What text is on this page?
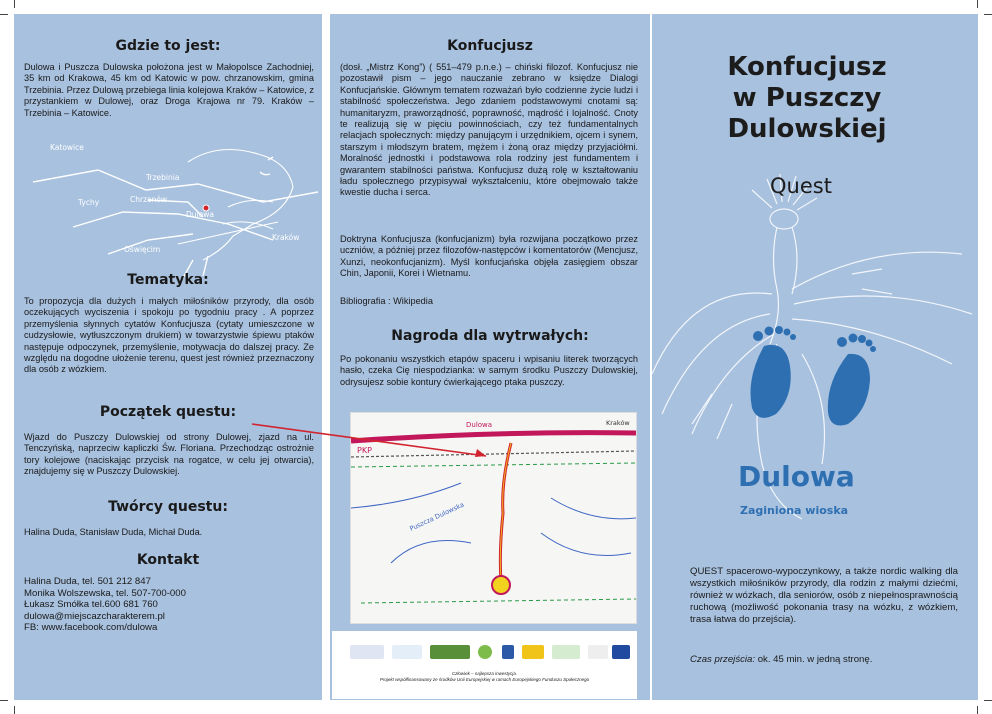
Gdzie to jest:
Dulowa i Puszcza Dulowska położona jest w Małopolsce Zachodniej, 35 km od Krakowa, 45 km od Katowic w pow. chrzanowskim, gmina Trzebinia. Przez Dulową przebiega linia kolejowa Kraków – Katowice, z przystankiem w Dulowej, oraz Droga Krajowa nr 79. Kraków – Trzebinia – Katowice.
Katowice
Trzebinia
Chrzanów
Dulowa
Tychy
Kraków
Oświęcim
Tematyka:
To propozycja dla dużych i małych miłośników przyrody, dla osób oczekujących wyciszenia i spokoju po tygodniu pracy . A poprzez przemyślenia słynnych cytatów Konfucjusza (cytaty umieszczone w cudzysłowie, wytłuszczonym drukiem) w towarzystwie śpiewu ptaków następuje odpoczynek, przemyślenie, motywacja do dalszej pracy. Ze względu na dogodne ułożenie terenu, quest jest również przeznaczony dla osób z wózkiem.
Początek questu:
Wjazd do Puszczy Dulowskiej od strony Dulowej, zjazd na ul. Tenczyńską, naprzeciw kapliczki Św. Floriana. Przechodząc ostrożnie tory kolejowe (naciskając przycisk na rogatce, w celu jej otwarcia), znajdujemy się w Puszczy Dulowskiej.
Twórcy questu:
Halina Duda, Stanisław Duda, Michał Duda.
Kontakt
Halina Duda, tel. 501 212 847
Monika Wolszewska, tel. 507-700-000
Łukasz Smółka tel.600 681 760
dulowa@miejscazcharakterem.pl
FB: www.facebook.com/dulowa
Konfucjusz
(dosł. „Mistrz Kong”) ( 551–479 p.n.e.) – chiński filozof. Konfucjusz nie pozostawił pism – jego nauczanie zebrano w księdze Dialogi Konfucjańskie. Głównym tematem rozważań było codzienne życie ludzi i stabilność społeczeństwa. Jego zdaniem podstawowymi cnotami są: humanitaryzm, praworządność, poprawność, mądrość i lojalność. Cnoty te realizują się w pięciu powinnościach, czy też fundamentalnych relacjach społecznych: między panującym i urzędnikiem, ojcem i synem, starszym i młodszym bratem, mężem i żoną oraz między przyjaciółmi. Moralność jednostki i podstawowa rola rodziny jest fundamentem i gwarantem stabilności państwa. Konfucjusz dużą rolę w kształtowaniu ładu społecznego przypisywał wykształceniu, które obejmowało także kwestie ducha i serca.
Doktryna Konfucjusza (konfucjanizm) była rozwijana początkowo przez uczniów, a później przez filozofów-następców i komentatorów (Mencjusz, Xunzi, neokonfucjanizm). Myśl konfucjańska objęła zasięgiem obszar Chin, Japonii, Korei i Wietnamu.
Bibliografia : Wikipedia
Nagroda dla wytrwałych:
Po pokonaniu wszystkich etapów spaceru i wpisaniu literek tworzących hasło, czeka Cię niespodzianka: w samym środku Puszczy Dulowskiej, odrysujesz sobie kontury ćwierkającego ptaka puszczy.
Dulowa	Kraków
PKP
Puszcza Dulowska
Człowiek – najlepsza inwestycja.
Projekt współfinansowany ze środków Unii Europejskiej w ramach Europejskiego Funduszu Społecznego
Konfucjusz
w Puszczy
Dulowskiej
Quest
Dulowa
Zaginiona wioska
QUEST spacerowo-wypoczynkowy, a także nordic walking dla wszystkich miłośników przyrody, dla rodzin z małymi dziećmi, również w wózkach, dla seniorów, osób z niepełnosprawnością ruchową (możliwość pokonania trasy na wózku, z wózkiem, trasa łatwa do przejścia).
Czas przejścia: ok. 45 min. w jedną stronę.
